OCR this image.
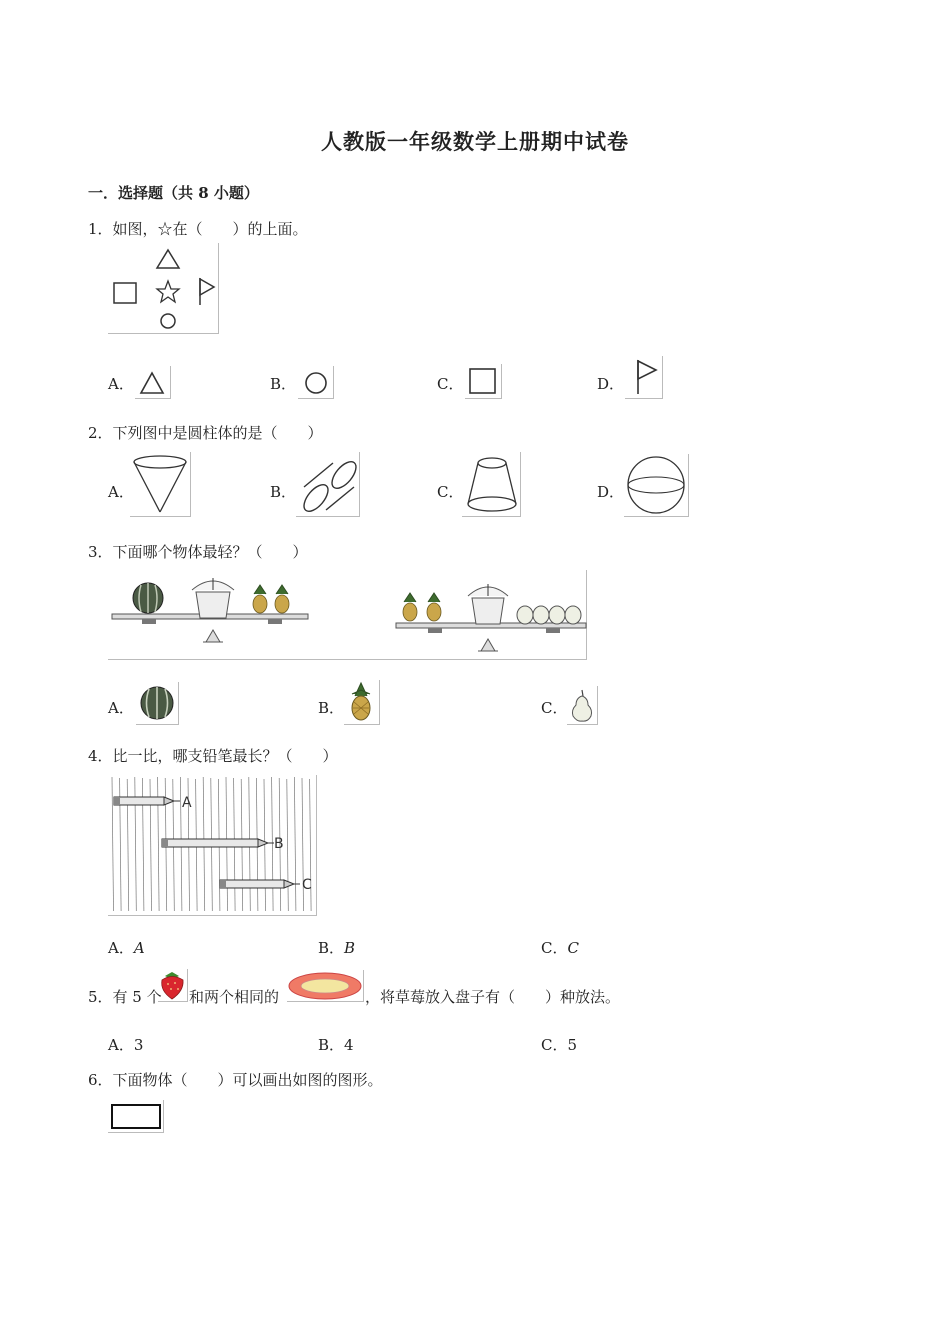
人教版一年级数学上册期中试卷
一．选择题（共 8 小题）
1．如图，☆在（　　）的上面。
A．	B．	C．	D．
2．下列图中是圆柱体的是（　　）
A．	B．	C．	D．
3．下面哪个物体最轻？（　　）
A．	B．	C．
4．比一比，哪支铅笔最长？（　　）
A
B
C
A．A	B．B	C．C
5．有 5 个 和两个相同的	，将草莓放入盘子有（　　）种放法。
A．3	B．4	C．5
6．下面物体（　　）可以画出如图的图形。
